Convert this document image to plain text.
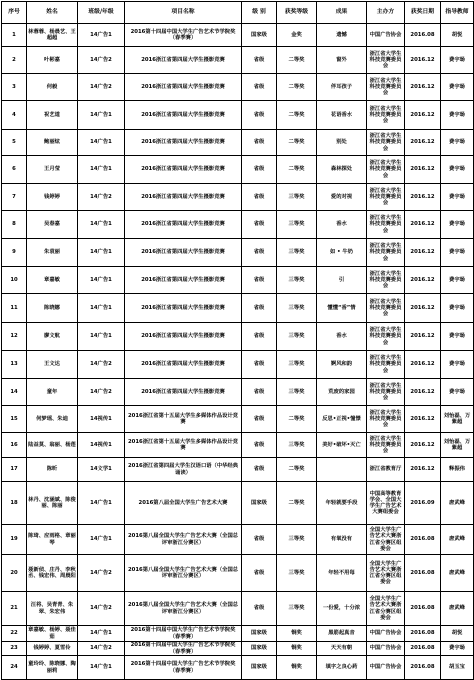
序号	姓名	班级/年级	项目名称	级 别	获奖等级	成果	主办方	获奖日期	指导教师
1	林蓉蓉、杨晨艺、王超超	14广告1	2016第十四届中国大学生广告艺术节学院奖（春季赛）	国家级	金奖	遗憾	中国广告协会	2016.08	胡悦
2	叶彬嘉	14广告2	2016浙江省第四届大学生摄影竞赛	省级	二等奖	窗外	浙江省大学生科技竞赛委员会	2016.12	费宇旸
3	何毅	14广告2	2016浙江省第四届大学生摄影竞赛	省级	二等奖	伴耳孩子	浙江省大学生科技竞赛委员会	2016.12	费宇旸
4	祝艺道	14广告1	2016浙江省第四届大学生摄影竞赛	省级	二等奖	花语香水	浙江省大学生科技竞赛委员会	2016.12	费宇旸
5	鲍丽炫	14广告1	2016浙江省第四届大学生摄影竞赛	省级	二等奖	别处	浙江省大学生科技竞赛委员会	2016.12	费宇旸
6	王月莹	14广告1	2016浙江省第四届大学生摄影竞赛	省级	二等奖	森林探处	浙江省大学生科技竞赛委员会	2016.12	费宇旸
7	钱婷婷	14广告2	2016浙江省第四届大学生摄影竞赛	省级	三等奖	爱的对视	浙江省大学生科技竞赛委员会	2016.12	费宇旸
8	吴春嘉	14广告1	2016浙江省第四届大学生摄影竞赛	省级	三等奖	香水	浙江省大学生科技竞赛委员会	2016.12	费宇旸
9	朱袁丽	14广告1	2016浙江省第四届大学生摄影竞赛	省级	三等奖	如 • 牛奶	浙江省大学生科技竞赛委员会	2016.12	费宇旸
10	章嘉敏	14广告1	2016浙江省第四届大学生摄影竞赛	省级	三等奖	引	浙江省大学生科技竞赛委员会	2016.12	费宇旸
11	陈晓娜	14广告1	2016浙江省第四届大学生摄影竞赛	省级	三等奖	懂懂“香”情	浙江省大学生科技竞赛委员会	2016.12	费宇旸
12	廖文航	14广告1	2016浙江省第四届大学生摄影竞赛	省级	三等奖	香水	浙江省大学生科技竞赛委员会	2016.12	费宇旸
13	王文达	14广告2	2016浙江省第四届大学生摄影竞赛	省级	三等奖	婀风和韵	浙江省大学生科技竞赛委员会	2016.12	费宇旸
14	童年	14广告2	2016浙江省第四届大学生摄影竞赛	省级	三等奖	荒废的家园	浙江省大学生科技竞赛委员会	2016.12	费宇旸
15	何梦瑶、朱迪	14视传1	2016浙江省第十五届大学生多媒体作品设计竞赛	省级	二等奖	反思•正视•憧憬	浙江省大学生科技竞赛委员会	2016.12	刘怡磊、万紫超
16	陆益莫、翁丽、杨莲	14视传1	2016浙江省第十五届大学生多媒体作品设计竞赛	省级	三等奖	美好•破坏•灭亡	浙江省大学生科技竞赛委员会	2016.12	刘怡磊、万紫超
17	陈昕	14文学1	2016浙江省第四届大学生汉语口语（中华经典诵读）	省级	二等奖		浙江省教育厅	2016.12	释振伟
18	林丹、沈涵斌、陈俊丽、陈丽	14广告1	2016第八届全国大学生广告艺术大赛	国家级	二等奖	年轻就要手段	中国高等教育学会、全国大学生广告艺术大赛组委会	2016.09	唐武峰
19	陈琦、应雨格、章丽琴	14广告1	2016第八届全国大学生广告艺术大赛（全国总评审浙江分赛区）	省级	三等奖	有氧没有	全国大学生广告艺术大赛浙江省分赛区组委会	2016.08	唐武峰
20	聂新侦、庄丹、李秋丞、钱宏伟、周晨阳	14广告2	2016第八届全国大学生广告艺术大赛（全国总评审浙江分赛区）	省级	三等奖	年轻不用每	全国大学生广告艺术大赛浙江省分赛区组委会	2016.08	唐武峰
21	汪将、吴青青、朱翠、朱宏伟	14广告2	2016第八届全国大学生广告艺术大赛（全国总评审浙江分赛区）	省级	三等奖	一份爱，十分浓	全国大学生广告艺术大赛浙江省分赛区组委会	2016.08	唐武峰
22	章嘉敏、杨婷、聂佳茹	14广告1	2016第十四届中国大学生广告艺术节学院奖（春季赛）	国家级	铜奖	黑筋起真音	中国广告协会	2016.08	胡悦
23	钱婷婷、夏雪伶	14广告2	2016第十四届中国大学生广告艺术节学院奖（春季赛）	国家级	铜奖	天天有朝	中国广告协会	2016.08	费宇旸
24	童玲玲、陈晓娜、陶丽莉	14广告1	2016第十四届中国大学生广告艺术节学院奖（春季赛）	国家级	铜奖	填字之良心药	中国广告协会	2016.08	胡玉宝
